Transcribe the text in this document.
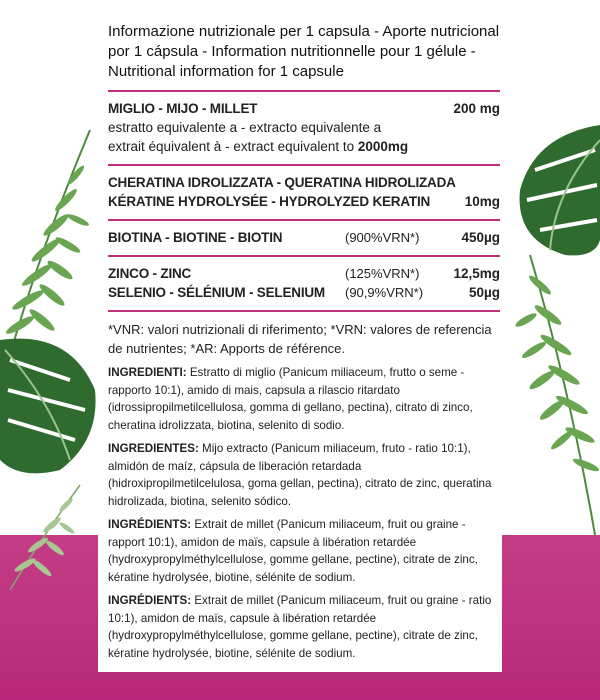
Informazione nutrizionale per 1 capsula - Aporte nutricional por 1 cápsula - Information nutritionnelle pour 1 gélule - Nutritional information for 1 capsule
MIGLIO - MIJO - MILLET	200 mg
estratto equivalente a - extracto equivalente a
extrait équivalent à - extract equivalent to 2000mg
CHERATINA IDROLIZZATA - QUERATINA HIDROLIZADA
KÉRATINE HYDROLYSÉE - HYDROLYZED KERATIN	10mg
BIOTINA - BIOTINE - BIOTIN	(900%VRN*)	450µg
ZINCO - ZINC	(125%VRN*)	12,5mg
SELENIO - SÉLÉNIUM - SELENIUM	(90,9%VRN*)	50µg
*VNR: valori nutrizionali di riferimento; *VRN: valores de referencia de nutrientes; *AR: Apports de référence.

INGREDIENTI: Estratto di miglio (Panicum miliaceum, frutto o seme - rapporto 10:1), amido di mais, capsula a rilascio ritardato (idrossipropilmetilcellulosa, gomma di gellano, pectina), citrato di zinco, cheratina idrolizzata, biotina, selenito di sodio.

INGREDIENTES: Mijo extracto (Panicum miliaceum, fruto - ratio 10:1), almidón de maíz, cápsula de liberación retardada (hidroxipropilmetilcelulosa, goma gellan, pectina), citrato de zinc, queratina hidrolizada, biotina, selenito sódico.

INGRÉDIENTS: Extrait de millet (Panicum miliaceum, fruit ou graine - rapport 10:1), amidon de maïs, capsule à libération retardée (hydroxypropylméthylcellulose, gomme gellane, pectine), citrate de zinc, kératine hydrolysée, biotine, sélénite de sodium.

INGRÉDIENTS: Extrait de millet (Panicum miliaceum, fruit ou graine - ratio 10:1), amidon de maïs, capsule à libération retardée (hydroxypropylméthylcellulose, gomme gellane, pectine), citrate de zinc, kératine hydrolysée, biotine, sélénite de sodium.
